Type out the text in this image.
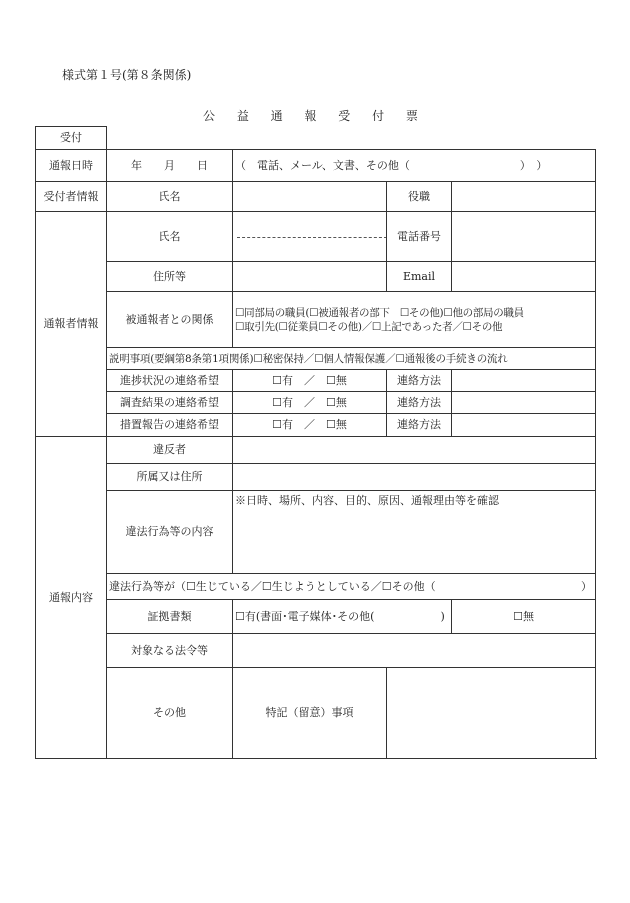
様式第１号(第８条関係)
公 益 通 報 受 付 票
受付				
通報日時	年　　月　　日	（　電話、メール、文書、その他（　　　　　　　　　　）　）		
受付者情報	氏名		役職	
通報者情報	氏名		電話番号	
	住所等		Email	
	被通報者との関係	☐同部局の職員(☐被通報者の部下　☐その他)☐他の部局の職員
☐取引先(☐従業員☐その他)／☐上記であった者／☐その他		

	説明事項(要綱第8条第1項関係)☐秘密保持／☐個人情報保護／☐通報後の手続きの流れ			
	進捗状況の連絡希望	☐有　／　☐無	連絡方法	
	調査結果の連絡希望	☐有　／　☐無	連絡方法	
	措置報告の連絡希望	☐有　／　☐無	連絡方法	
通報内容	違反者			
	所属又は住所			
	違法行為等の内容	※日時、場所、内容、目的、原因、通報理由等を確認		
	違法行為等が（☐生じている／☐生じようとしている／☐その他（ ）			

	証拠書類	☐有(書面･電子媒体･その他(　　　　　　)		☐無
	対象なる法令等			
	その他	特記（留意）事項		
